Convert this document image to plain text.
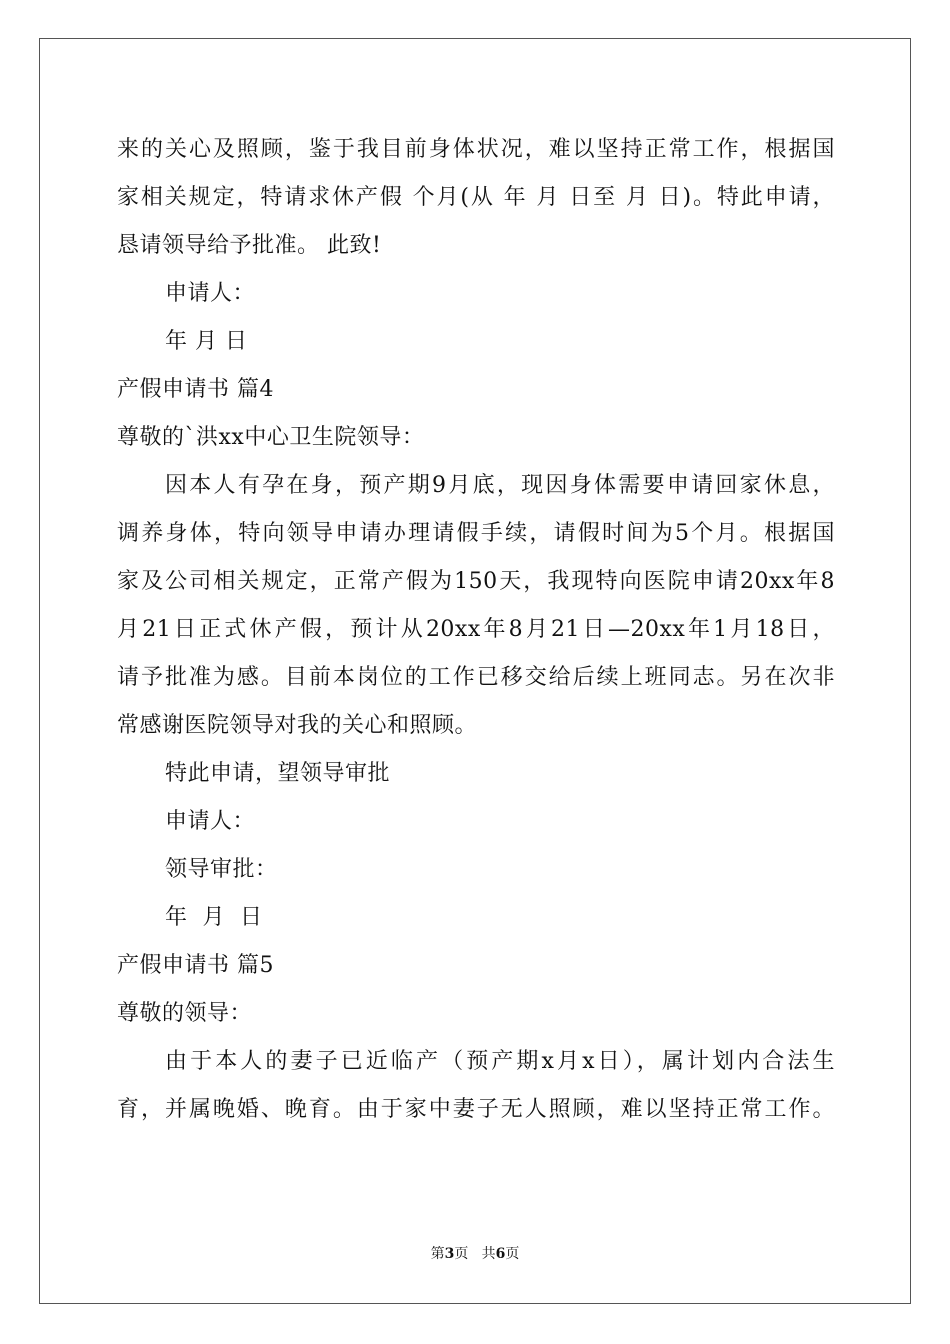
来的关心及照顾，鉴于我目前身体状况，难以坚持正常工作，根据国
家相关规定，特请求休产假 个月(从 年 月 日至 月 日)。特此申请，
恳请领导给予批准。 此致!
申请人：
年 月 日
产假申请书 篇4
尊敬的`洪xx中心卫生院领导：
因本人有孕在身，预产期9月底，现因身体需要申请回家休息，
调养身体，特向领导申请办理请假手续，请假时间为5个月。根据国
家及公司相关规定，正常产假为150天，我现特向医院申请20xx年8
月21日正式休产假，预计从20xx年8月21日—20xx年1月18日，
请予批准为感。目前本岗位的工作已移交给后续上班同志。另在次非
常感谢医院领导对我的关心和照顾。
特此申请，望领导审批
申请人：
领导审批：
年  月  日
产假申请书 篇5
尊敬的领导：
由于本人的妻子已近临产（预产期x月x日），属计划内合法生
育，并属晚婚、晚育。由于家中妻子无人照顾，难以坚持正常工作。
第3页 共6页
